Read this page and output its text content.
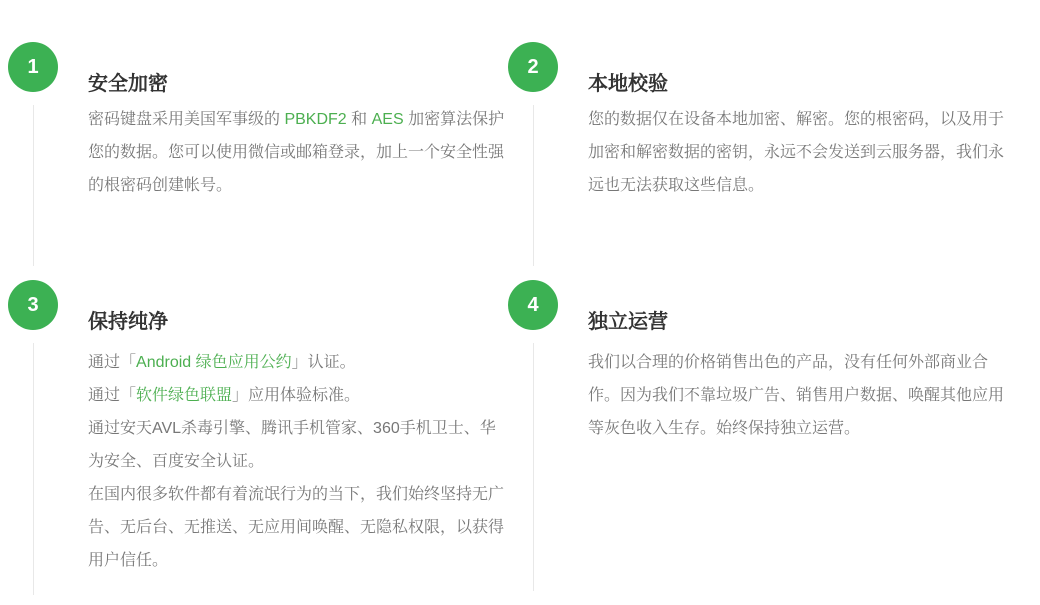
1
安全加密

密码键盘采用美国军事级的 PBKDF2 和 AES 加密算法保护您的数据。您可以使用微信或邮箱登录，加上一个安全性强的根密码创建帐号。

2
本地校验

您的数据仅在设备本地加密、解密。您的根密码，以及用于加密和解密数据的密钥，永远不会发送到云服务器，我们永远也无法获取这些信息。

3
保持纯净

通过「Android 绿色应用公约」认证。

通过「软件绿色联盟」应用体验标准。

通过安天AVL杀毒引擎、腾讯手机管家、360手机卫士、华为安全、百度安全认证。

在国内很多软件都有着流氓行为的当下，我们始终坚持无广告、无后台、无推送、无应用间唤醒、无隐私权限，以获得用户信任。

4
独立运营

我们以合理的价格销售出色的产品，没有任何外部商业合作。因为我们不靠垃圾广告、销售用户数据、唤醒其他应用等灰色收入生存。始终保持独立运营。
